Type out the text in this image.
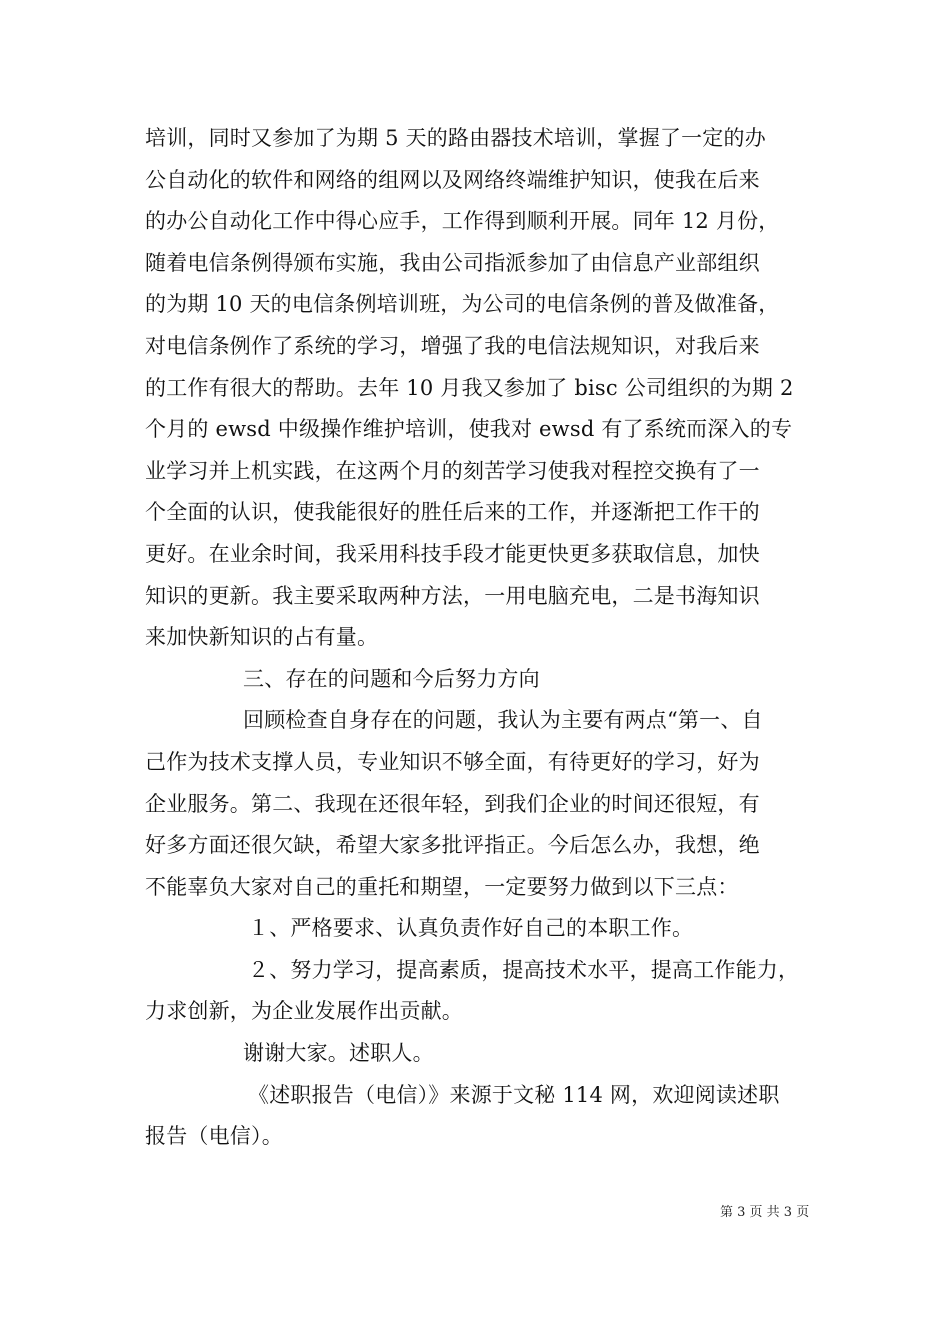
培训，同时又参加了为期 5 天的路由器技术培训，掌握了一定的办
公自动化的软件和网络的组网以及网络终端维护知识，使我在后来
的办公自动化工作中得心应手，工作得到顺利开展。同年 12 月份，
随着电信条例得颁布实施，我由公司指派参加了由信息产业部组织
的为期 10 天的电信条例培训班，为公司的电信条例的普及做准备，
对电信条例作了系统的学习，增强了我的电信法规知识，对我后来
的工作有很大的帮助。去年 10 月我又参加了 bisc 公司组织的为期 2
个月的 ewsd 中级操作维护培训，使我对 ewsd 有了系统而深入的专
业学习并上机实践，在这两个月的刻苦学习使我对程控交换有了一
个全面的认识，使我能很好的胜任后来的工作，并逐渐把工作干的
更好。在业余时间，我采用科技手段才能更快更多获取信息，加快
知识的更新。我主要采取两种方法，一用电脑充电，二是书海知识
来加快新知识的占有量。
三、存在的问题和今后努力方向
回顾检查自身存在的问题，我认为主要有两点“第一、自
己作为技术支撑人员，专业知识不够全面，有待更好的学习，好为
企业服务。第二、我现在还很年轻，到我们企业的时间还很短，有
好多方面还很欠缺，希望大家多批评指正。今后怎么办，我想，绝
不能辜负大家对自己的重托和期望，一定要努力做到以下三点：
１、严格要求、认真负责作好自己的本职工作。
２、努力学习，提高素质，提高技术水平，提高工作能力，
力求创新，为企业发展作出贡献。
谢谢大家。述职人。
《述职报告（电信）》来源于文秘 114 网，欢迎阅读述职
报告（电信）。
第 3 页 共 3 页
